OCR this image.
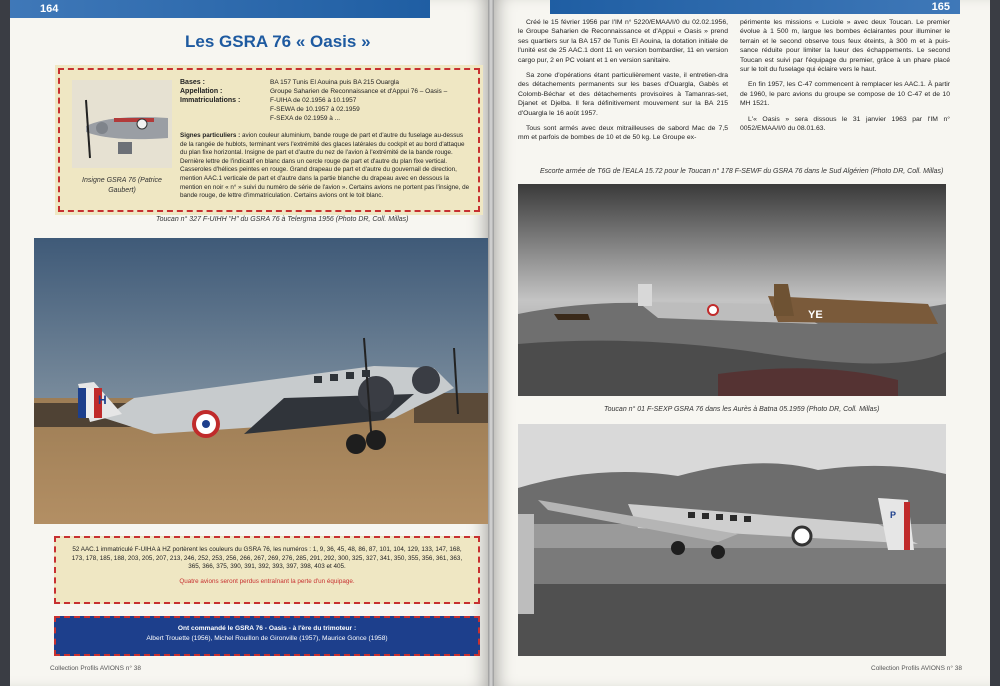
164
Les GSRA 76 « Oasis »
Insigne GSRA 76 (Patrice Gaubert)
Bases :
Appellation :
Immatriculations :
BA 157 Tunis El Aouina puis BA 215 Ouargla
Groupe Saharien de Reconnaissance et d'Appui 76 – Oasis –
F-UIHA de 02.1956 à 10.1957
F-SEWA de 10.1957 à 02.1959
F-SEXA de 02.1959 à ...
Signes particuliers : avion couleur aluminium, bande rouge de part et d'autre du fuselage au-dessus de la rangée de hublots, terminant vers l'extrémité des glaces latérales du cockpit et au bord d'attaque du plan fixe horizontal. Insigne de part et d'autre du nez de l'avion à l'extrémité de la bande rouge. Dernière lettre de l'indicatif en blanc dans un cercle rouge de part et d'autre du plan fixe vertical. Casseroles d'hélices peintes en rouge. Grand drapeau de part et d'autre du gouvernail de direction, mention AAC.1 verticale de part et d'autre dans la partie blanche du drapeau avec en dessous la mention en noir « n° » suivi du numéro de série de l'avion ». Certains avions ne portent pas l'insigne, de bande rouge, de lettre d'immatriculation. Certains avions ont le toit blanc.
Toucan n° 327 F-UIHH "H" du GSRA 76 à Telergma 1956 (Photo DR, Coll. Millas)
H
52 AAC.1 immatriculé F-UIHA à HZ portèrent les couleurs du GSRA 76, les numéros : 1, 9, 36, 45, 48, 86, 87, 101, 104, 129, 133, 147, 168, 173, 178, 185, 188, 203, 205, 207, 213, 246, 252, 253, 256, 266, 267, 269, 276, 285, 291, 292, 300, 325, 327, 341, 350, 355, 356, 361, 363, 365, 366, 375, 390, 391, 392, 393, 397, 398, 403 et 405.
Quatre avions seront perdus entraînant la perte d'un équipage.
Ont commandé le GSRA 76 - Oasis - à l'ère du trimoteur :
Albert Trouette (1956), Michel Rouillon de Gironville (1957), Maurice Gonce (1958)
Collection Profils AVIONS n° 38
165

Créé le 15 février 1956 par l'IM n° 5220/EMAA/I/0 du 02.02.1956, le Groupe Saharien de Reconnaissance et d'Appui « Oasis » prend ses quartiers sur la BA 157 de Tunis El Aouina, la dotation initiale de l'unité est de 25 AAC.1 dont 11 en version bombardier, 11 en version cargo pur, 2 en PC volant et 1 en version sanitaire.

Sa zone d'opérations étant particulièrement vaste, il entretien-dra des détachements permanents sur les bases d'Ouargla, Gabès et Colomb-Béchar et des détachements provisoires à Tamanras-set, Djanet et Djelba. Il fera définitivement mouvement sur la BA 215 d'Ouargla le 16 août 1957.

Tous sont armés avec deux mitrailleuses de sabord Mac de 7,5 mm et parfois de bombes de 10 et de 50 kg. Le Groupe ex-

périmente les missions « Luciole » avec deux Toucan. Le premier évolue à 1 500 m, largue les bombes éclairantes pour illuminer le terrain et le second observe tous feux éteints, à 300 m et à puis-sance réduite pour limiter la lueur des échappements. Le second Toucan est suivi par l'équipage du premier, grâce à un phare placé sur le toit du fuselage qui éclaire vers le haut.

En fin 1957, les C-47 commencent à remplacer les AAC.1. À partir de 1960, le parc avions du groupe se compose de 10 C-47 et de 10 MH 1521.

L'« Oasis » sera dissous le 31 janvier 1963 par l'IM n° 0052/EMAA/I/0 du 08.01.63.

Escorte armée de T6G de l'EALA 15.72 pour le Toucan n° 178 F-SEWF du GSRA 76 dans le Sud Algérien (Photo DR, Coll. Millas)
YE
Toucan n° 01 F-SEXP GSRA 76 dans les Aurès à Batna 05.1959 (Photo DR, Coll. Millas)
P
Collection Profils AVIONS n° 38
